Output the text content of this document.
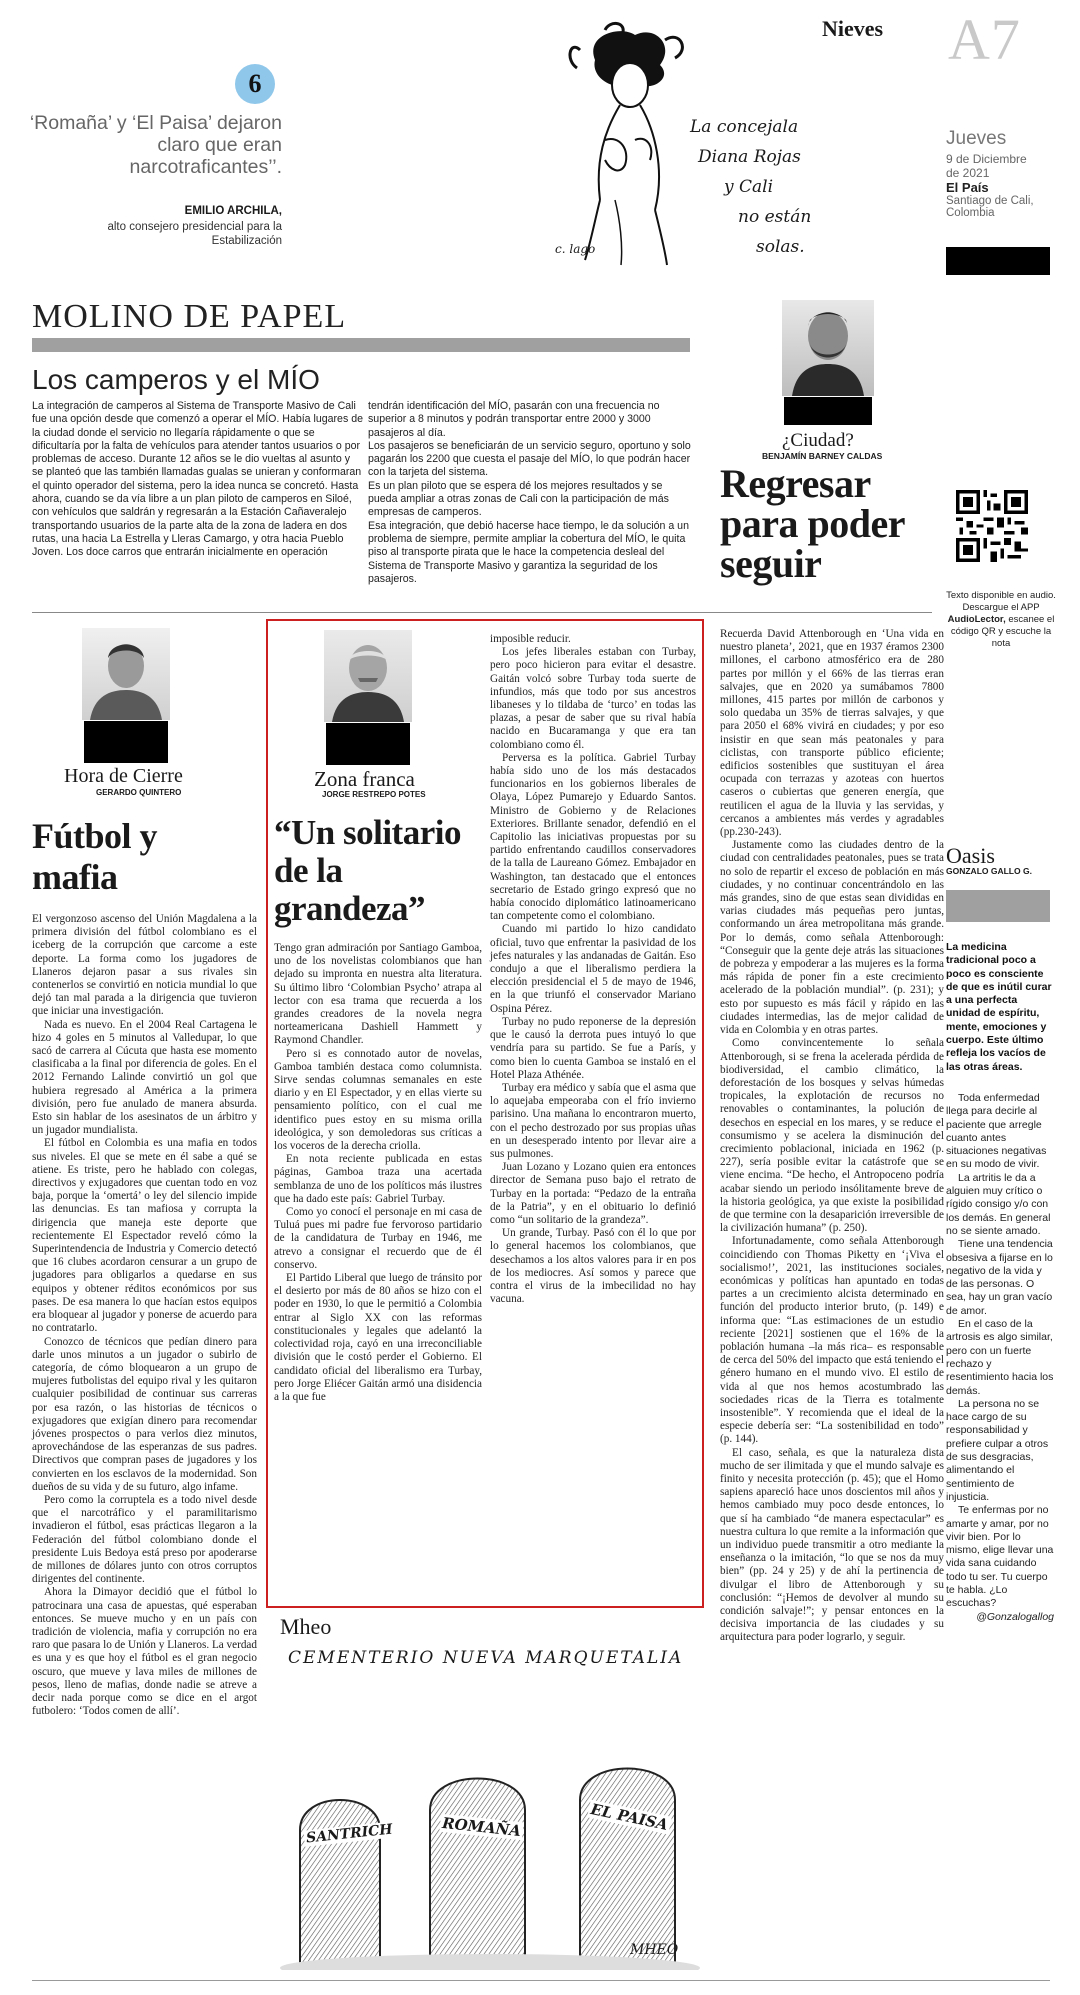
Nieves A7
Jueves
9 de Diciembre
de 2021
El País
Santiago de Cali,
Colombia
6
‘Romaña’ y ‘El Paisa’ dejaron claro que eran narcotraficantes’’.
EMILIO ARCHILA,
alto consejero presidencial para la Estabilización
c. lago
La concejala
Diana Rojas
y Cali
no están
solas.
MOLINO DE PAPEL
Los camperos y el MÍO
La integración de camperos al Sistema de Transporte Masivo de Cali fue una opción desde que comenzó a operar el MÍO. Había lugares de la ciudad donde el servicio no llegaría rápidamente o que se dificultaría por la falta de vehículos para atender tantos usuarios o por problemas de acceso. Durante 12 años se le dio vueltas al asunto y se planteó que las también llamadas gualas se unieran y conformaran el quinto operador del sistema, pero la idea nunca se concretó. Hasta ahora, cuando se da vía libre a un plan piloto de camperos en Siloé, con vehículos que saldrán y regresarán a la Estación Cañaveralejo transportando usuarios de la parte alta de la zona de ladera en dos rutas, una hacia La Estrella y Lleras Camargo, y otra hacia Pueblo Joven. Los doce carros que entrarán inicialmente en operación

tendrán identificación del MÍO, pasarán con una frecuencia no superior a 8 minutos y podrán transportar entre 2000 y 3000 pasajeros al día.

Los pasajeros se beneficiarán de un servicio seguro, oportuno y solo pagarán los 2200 que cuesta el pasaje del MÍO, lo que podrán hacer con la tarjeta del sistema.

Es un plan piloto que se espera dé los mejores resultados y se pueda ampliar a otras zonas de Cali con la participación de más empresas de camperos.

Esa integración, que debió hacerse hace tiempo, le da solución a un problema de siempre, permite ampliar la cobertura del MÍO, le quita piso al transporte pirata que le hace la competencia desleal del Sistema de Transporte Masivo y garantiza la seguridad de los pasajeros.

¿Ciudad?
BENJAMÍN BARNEY CALDAS
Regresar para poder seguir
Texto disponible en audio. Descargue el APP AudioLector, escanee el código QR y escuche la nota

Recuerda David Attenborough en ‘Una vida en nuestro planeta’, 2021, que en 1937 éramos 2300 millones, el carbono atmosférico era de 280 partes por millón y el 66% de las tierras eran salvajes, que en 2020 ya sumábamos 7800 millones, 415 partes por millón de carbonos y solo quedaba un 35% de tierras salvajes, y que para 2050 el 68% vivirá en ciudades; y por eso insistir en que sean más peatonales y para ciclistas, con transporte público eficiente; edificios sostenibles que sustituyan el área ocupada con terrazas y azoteas con huertos caseros o cubiertas que generen energía, que reutilicen el agua de la lluvia y las servidas, y cercanos a ambientes más verdes y agradables (pp.230-243).

Justamente como las ciudades dentro de la ciudad con centralidades peatonales, pues se trata no solo de repartir el exceso de población en más ciudades, y no continuar concentrándolo en las más grandes, sino de que estas sean divididas en varias ciudades más pequeñas pero juntas, conformando un área metropolitana más grande. Por lo demás, como señala Attenborough: “Conseguir que la gente deje atrás las situaciones de pobreza y empoderar a las mujeres es la forma más rápida de poner fin a este crecimiento acelerado de la población mundial”. (p. 231); y esto por supuesto es más fácil y rápido en las ciudades intermedias, las de mejor calidad de vida en Colombia y en otras partes.

Como convincentemente lo señala Attenborough, si se frena la acelerada pérdida de biodiversidad, el cambio climático, la deforestación de los bosques y selvas húmedas tropicales, la explotación de recursos no renovables o contaminantes, la polución de desechos en especial en los mares, y se reduce el consumismo y se acelera la disminución del crecimiento poblacional, iniciada en 1962 (p. 227), sería posible evitar la catástrofe que se viene encima. “De hecho, el Antropoceno podría acabar siendo un periodo insólitamente breve de la historia geológica, ya que existe la posibilidad de que termine con la desaparición irreversible de la civilización humana” (p. 250).

Infortunadamente, como señala Attenborough coincidiendo con Thomas Piketty en ‘¡Viva el socialismo!’, 2021, las instituciones sociales, económicas y políticas han apuntado en todas partes a un crecimiento alcista determinado en función del producto interior bruto, (p. 149) e informa que: “Las estimaciones de un estudio reciente [2021] sostienen que el 16% de la población humana –la más rica– es responsable de cerca del 50% del impacto que está teniendo el género humano en el mundo vivo. El estilo de vida al que nos hemos acostumbrado las sociedades ricas de la Tierra es totalmente insostenible”. Y recomienda que el ideal de la especie debería ser: “La sostenibilidad en todo” (p. 144).

El caso, señala, es que la naturaleza dista mucho de ser ilimitada y que el mundo salvaje es finito y necesita protección (p. 45); que el Homo sapiens apareció hace unos doscientos mil años y hemos cambiado muy poco desde entonces, lo que sí ha cambiado “de manera espectacular” es nuestra cultura lo que remite a la información que un individuo puede transmitir a otro mediante la enseñanza o la imitación, “lo que se nos da muy bien” (pp. 24 y 25) y de ahí la pertinencia de divulgar el libro de Attenborough y su conclusión: “¡Hemos de devolver al mundo su condición salvaje!”; y pensar entonces en la decisiva importancia de las ciudades y su arquitectura para poder lograrlo, y seguir.

Oasis
GONZALO GALLO G.
La medicina tradicional poco a poco es consciente de que es inútil curar a una perfecta unidad de espíritu, mente, emociones y cuerpo. Este último refleja los vacíos de las otras áreas.

Toda enfermedad llega para decirle al paciente que arregle cuanto antes situaciones negativas en su modo de vivir.

La artritis le da a alguien muy crítico o rígido consigo y/o con los demás. En general no se siente amado.

Tiene una tendencia obsesiva a fijarse en lo negativo de la vida y de las personas. O sea, hay un gran vacío de amor.

En el caso de la artrosis es algo similar, pero con un fuerte rechazo y resentimiento hacia los demás.

La persona no se hace cargo de su responsabilidad y prefiere culpar a otros de sus desgracias, alimentando el sentimiento de injusticia.

Te enfermas por no amarte y amar, por no vivir bien. Por lo mismo, elige llevar una vida sana cuidando todo tu ser. Tu cuerpo te habla. ¿Lo escuchas?

@Gonzalogallog

Hora de Cierre
GERARDO QUINTERO
Fútbol y mafia

El vergonzoso ascenso del Unión Magdalena a la primera división del fútbol colombiano es el iceberg de la corrupción que carcome a este deporte. La forma como los jugadores de Llaneros dejaron pasar a sus rivales sin contenerlos se convirtió en noticia mundial lo que dejó tan mal parada a la dirigencia que tuvieron que iniciar una investigación.

Nada es nuevo. En el 2004 Real Cartagena le hizo 4 goles en 5 minutos al Valledupar, lo que sacó de carrera al Cúcuta que hasta ese momento clasificaba a la final por diferencia de goles. En el 2012 Fernando Lalinde convirtió un gol que hubiera regresado al América a la primera división, pero fue anulado de manera absurda. Esto sin hablar de los asesinatos de un árbitro y un jugador mundialista.

El fútbol en Colombia es una mafia en todos sus niveles. El que se mete en él sabe a qué se atiene. Es triste, pero he hablado con colegas, directivos y exjugadores que cuentan todo en voz baja, porque la ‘omertá’ o ley del silencio impide las denuncias. Es tan mafiosa y corrupta la dirigencia que maneja este deporte que recientemente El Espectador reveló cómo la Superintendencia de Industria y Comercio detectó que 16 clubes acordaron censurar a un grupo de jugadores para obligarlos a quedarse en sus equipos y obtener réditos económicos por sus pases. De esa manera lo que hacían estos equipos era bloquear al jugador y ponerse de acuerdo para no contratarlo.

Conozco de técnicos que pedían dinero para darle unos minutos a un jugador o subirlo de categoría, de cómo bloquearon a un grupo de mujeres futbolistas del equipo rival y les quitaron cualquier posibilidad de continuar sus carreras por esa razón, o las historias de técnicos o exjugadores que exigían dinero para recomendar jóvenes prospectos o para verlos diez minutos, aprovechándose de las esperanzas de sus padres. Directivos que compran pases de jugadores y los convierten en los esclavos de la modernidad. Son dueños de su vida y de su futuro, algo infame.

Pero como la corruptela es a todo nivel desde que el narcotráfico y el paramilitarismo invadieron el fútbol, esas prácticas llegaron a la Federación del fútbol colombiano donde el presidente Luis Bedoya está preso por apoderarse de millones de dólares junto con otros corruptos dirigentes del continente.

Ahora la Dimayor decidió que el fútbol lo patrocinara una casa de apuestas, qué esperaban entonces. Se mueve mucho y en un país con tradición de violencia, mafia y corrupción no era raro que pasara lo de Unión y Llaneros. La verdad es una y es que hoy el fútbol es el gran negocio oscuro, que mueve y lava miles de millones de pesos, lleno de mafias, donde nadie se atreve a decir nada porque como se dice en el argot futbolero: ‘Todos comen de allí’.

Zona franca
JORGE RESTREPO POTES
“Un solitario de la grandeza”

Tengo gran admiración por Santiago Gamboa, uno de los novelistas colombianos que han dejado su impronta en nuestra alta literatura. Su último libro ‘Colombian Psycho’ atrapa al lector con esa trama que recuerda a los grandes creadores de la novela negra norteamericana Dashiell Hammett y Raymond Chandler.

Pero si es connotado autor de novelas, Gamboa también destaca como columnista. Sirve sendas columnas semanales en este diario y en El Espectador, y en ellas vierte su pensamiento político, con el cual me identifico pues estoy en su misma orilla ideológica, y son demoledoras sus críticas a los voceros de la derecha criolla.

En nota reciente publicada en estas páginas, Gamboa traza una acertada semblanza de uno de los políticos más ilustres que ha dado este país: Gabriel Turbay.

Como yo conocí el personaje en mi casa de Tuluá pues mi padre fue fervoroso partidario de la candidatura de Turbay en 1946, me atrevo a consignar el recuerdo que de él conservo.

El Partido Liberal que luego de tránsito por el desierto por más de 80 años se hizo con el poder en 1930, lo que le permitió a Colombia entrar al Siglo XX con las reformas constitucionales y legales que adelantó la colectividad roja, cayó en una irreconciliable división que le costó perder el Gobierno. El candidato oficial del liberalismo era Turbay, pero Jorge Eliécer Gaitán armó una disidencia a la que fue

imposible reducir.

Los jefes liberales estaban con Turbay, pero poco hicieron para evitar el desastre. Gaitán volcó sobre Turbay toda suerte de infundios, más que todo por sus ancestros libaneses y lo tildaba de ‘turco’ en todas las plazas, a pesar de saber que su rival había nacido en Bucaramanga y que era tan colombiano como él.

Perversa es la política. Gabriel Turbay había sido uno de los más destacados funcionarios en los gobiernos liberales de Olaya, López Pumarejo y Eduardo Santos. Ministro de Gobierno y de Relaciones Exteriores. Brillante senador, defendió en el Capitolio las iniciativas propuestas por su partido enfrentando caudillos conservadores de la talla de Laureano Gómez. Embajador en Washington, tan destacado que el entonces secretario de Estado gringo expresó que no había conocido diplomático latinoamericano tan competente como el colombiano.

Cuando mi partido lo hizo candidato oficial, tuvo que enfrentar la pasividad de los jefes naturales y las andanadas de Gaitán. Eso condujo a que el liberalismo perdiera la elección presidencial el 5 de mayo de 1946, en la que triunfó el conservador Mariano Ospina Pérez.

Turbay no pudo reponerse de la depresión que le causó la derrota pues intuyó lo que vendría para su partido. Se fue a París, y como bien lo cuenta Gamboa se instaló en el Hotel Plaza Athénée.

Turbay era médico y sabía que el asma que lo aquejaba empeoraba con el frío invierno parisino. Una mañana lo encontraron muerto, con el pecho destrozado por sus propias uñas en un desesperado intento por llevar aire a sus pulmones.

Juan Lozano y Lozano quien era entonces director de Semana puso bajo el retrato de Turbay en la portada: “Pedazo de la entraña de la Patria”, y en el obituario lo definió como “un solitario de la grandeza”.

Un grande, Turbay. Pasó con él lo que por lo general hacemos los colombianos, que desechamos a los altos valores para ir en pos de los mediocres. Así somos y parece que contra el virus de la imbecilidad no hay vacuna.

Mheo
CEMENTERIO NUEVA MARQUETALIA
SANTRICH	ROMAÑA	EL PAISA
MHEO
